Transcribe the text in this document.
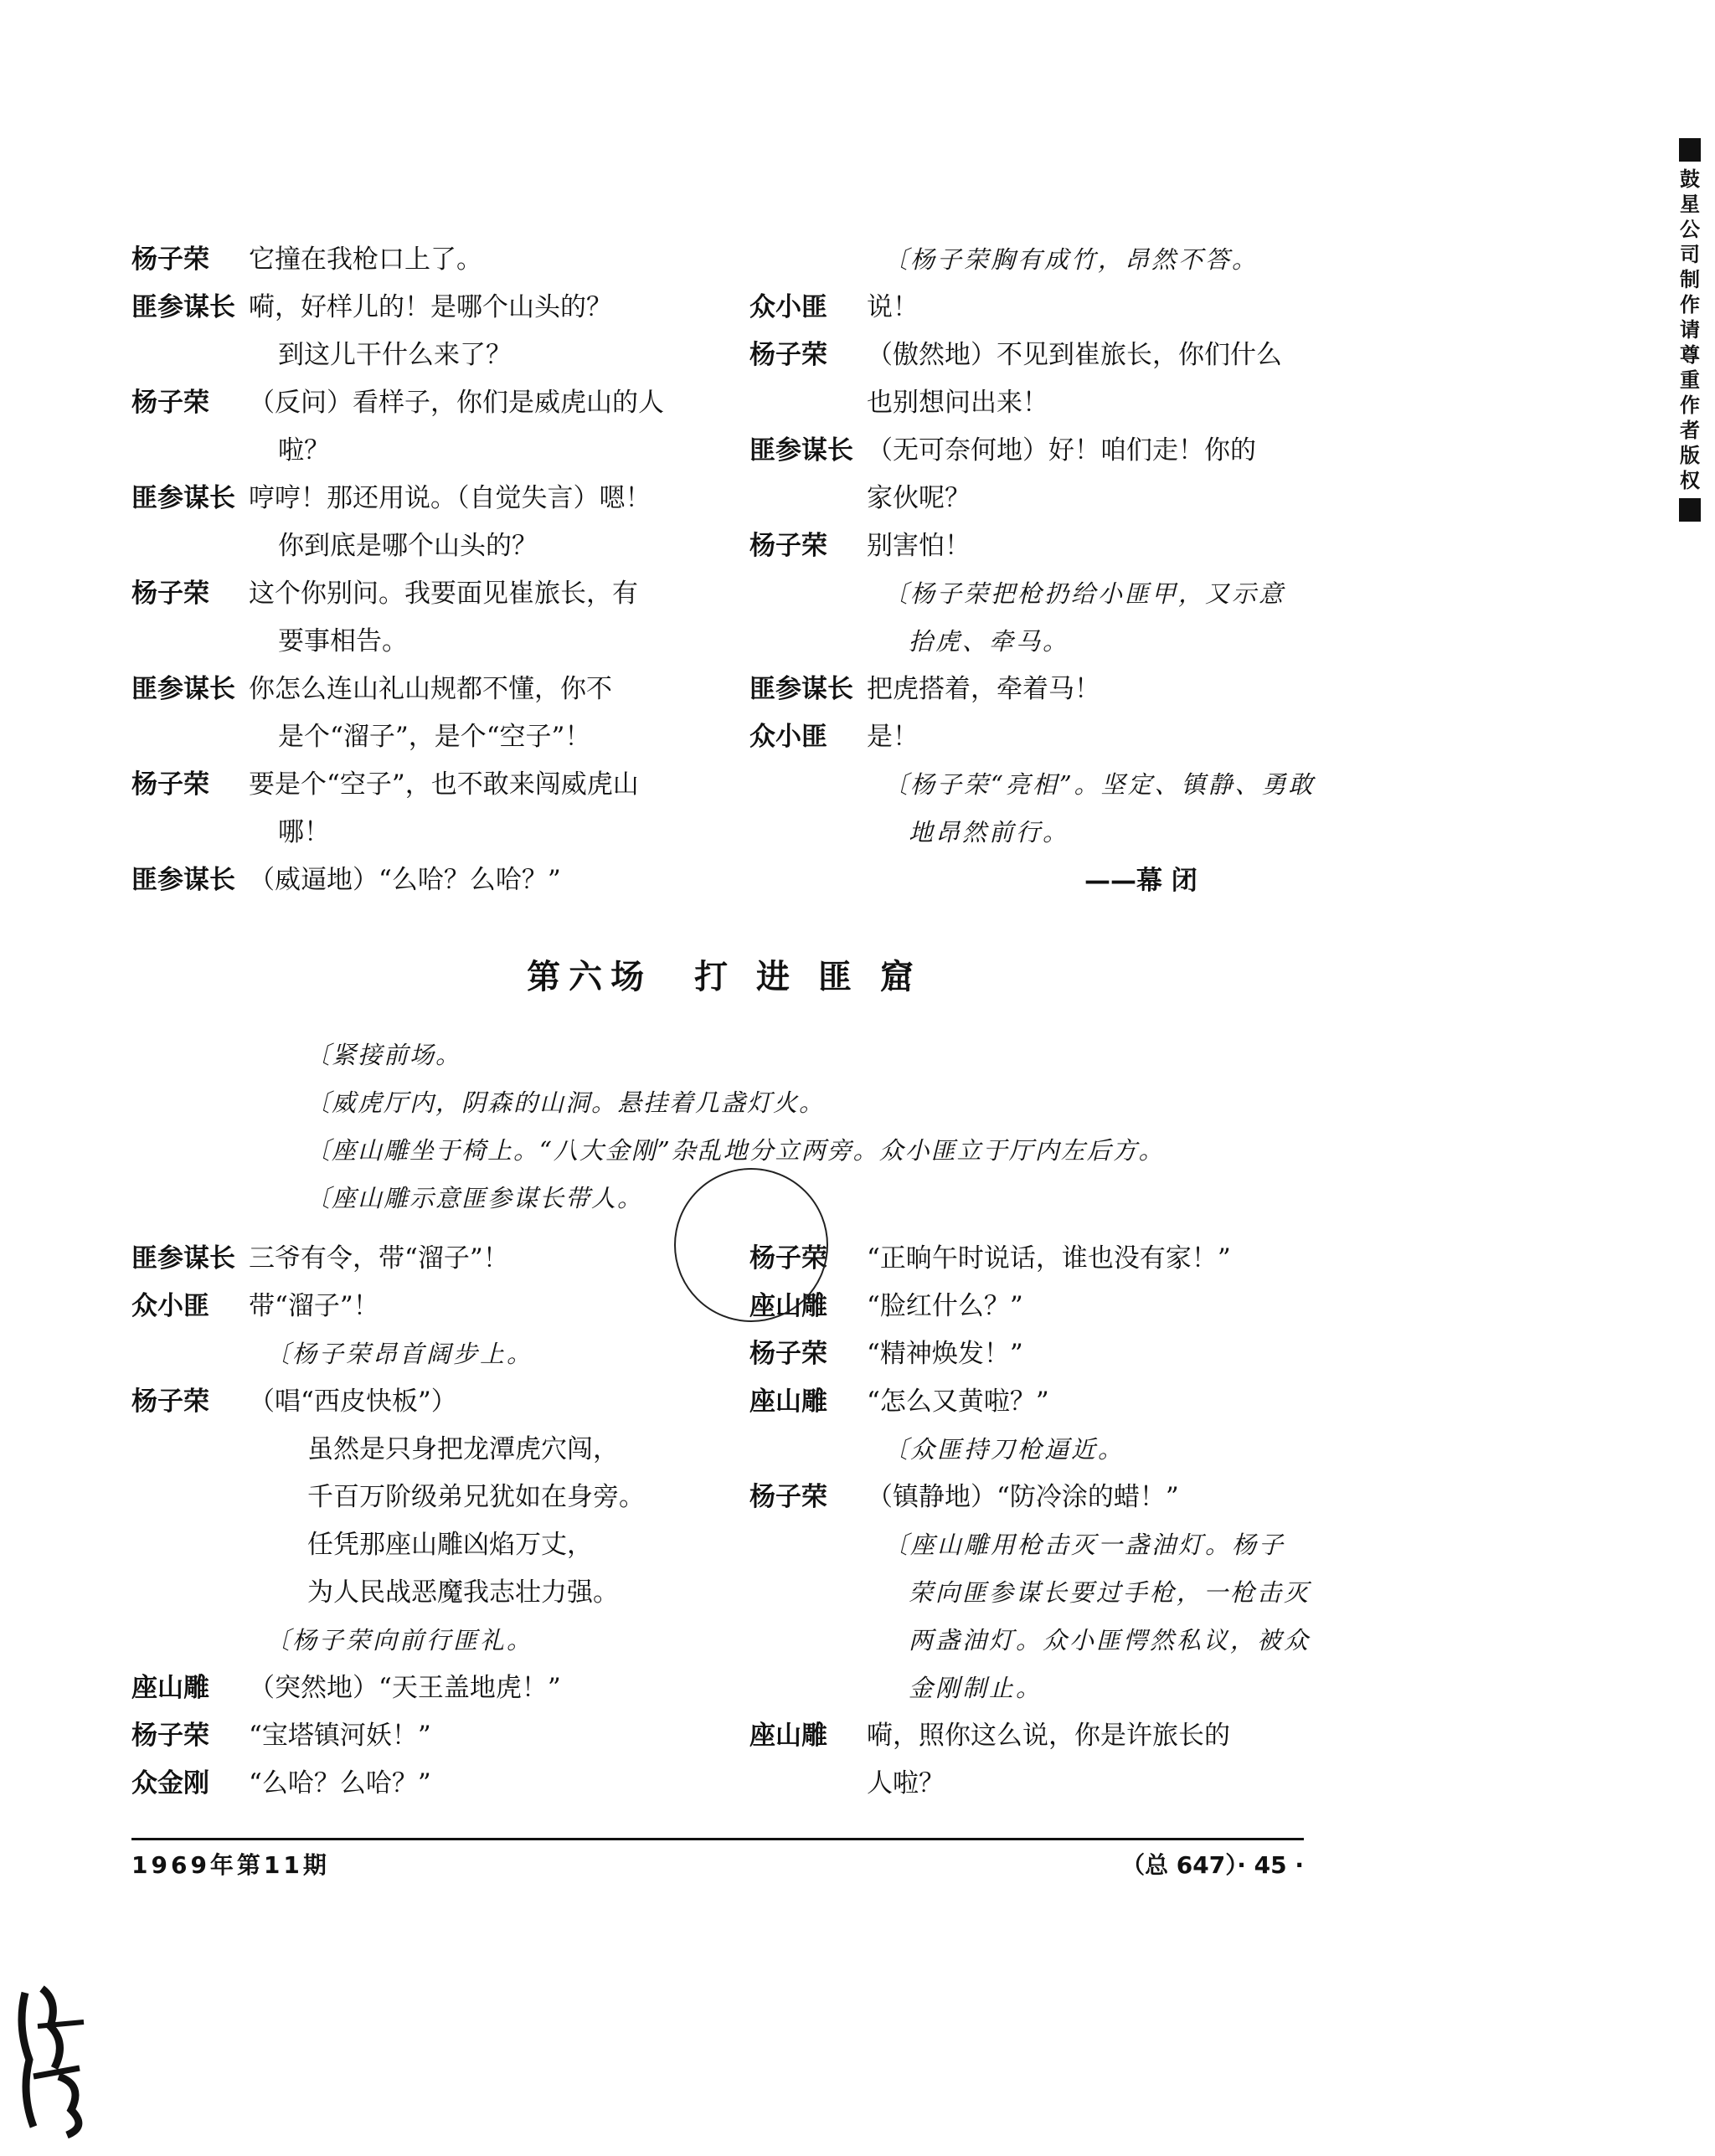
杨子荣	它撞在我枪口上了。
匪参谋长 嗬，好样儿的！是哪个山头的？
到这儿干什么来了？
杨子荣	（反问）看样子，你们是威虎山的人
啦？
匪参谋长 哼哼！那还用说。（自觉失言）嗯！
你到底是哪个山头的？
杨子荣	这个你别问。我要面见崔旅长，有
要事相告。
匪参谋长 你怎么连山礼山规都不懂，你不
是个“溜子”，是个“空子”！
杨子荣	要是个“空子”，也不敢来闯威虎山
哪！
匪参谋长 （威逼地）“么哈？么哈？”
〔杨子荣胸有成竹，昂然不答。
众小匪	说！
杨子荣	（傲然地）不见到崔旅长，你们什么
也别想问出来！
匪参谋长 （无可奈何地）好！咱们走！你的
家伙呢？
杨子荣	别害怕！
〔杨子荣把枪扔给小匪甲，又示意
抬虎、牵马。
匪参谋长 把虎搭着，牵着马！
众小匪	是！
〔杨子荣“亮相”。坚定、镇静、勇敢
地昂然前行。
——幕 闭
第六场　打 进 匪 窟
〔紧接前场。
〔威虎厅内，阴森的山洞。悬挂着几盏灯火。
〔座山雕坐于椅上。“八大金刚”杂乱地分立两旁。众小匪立于厅内左后方。
〔座山雕示意匪参谋长带人。
匪参谋长 三爷有令，带“溜子”！
众小匪	带“溜子”！
〔杨子荣昂首阔步上。
杨子荣	（唱“西皮快板”）
虽然是只身把龙潭虎穴闯，
千百万阶级弟兄犹如在身旁。
任凭那座山雕凶焰万丈，
为人民战恶魔我志壮力强。
〔杨子荣向前行匪礼。
座山雕	（突然地）“天王盖地虎！”
杨子荣	“宝塔镇河妖！”
众金刚	“么哈？么哈？”
杨子荣	“正晌午时说话，谁也没有家！”
座山雕	“脸红什么？”
杨子荣	“精神焕发！”
座山雕	“怎么又黄啦？”
〔众匪持刀枪逼近。
杨子荣	（镇静地）“防冷涂的蜡！”
〔座山雕用枪击灭一盏油灯。杨子
荣向匪参谋长要过手枪，一枪击灭
两盏油灯。众小匪愕然私议，被众
金刚制止。
座山雕	嗬，照你这么说，你是许旅长的
人啦？
1969年第11期	（总 647）· 45 ·
鼓
星
公
司
制
作
请
尊
重
作
者
版
权
